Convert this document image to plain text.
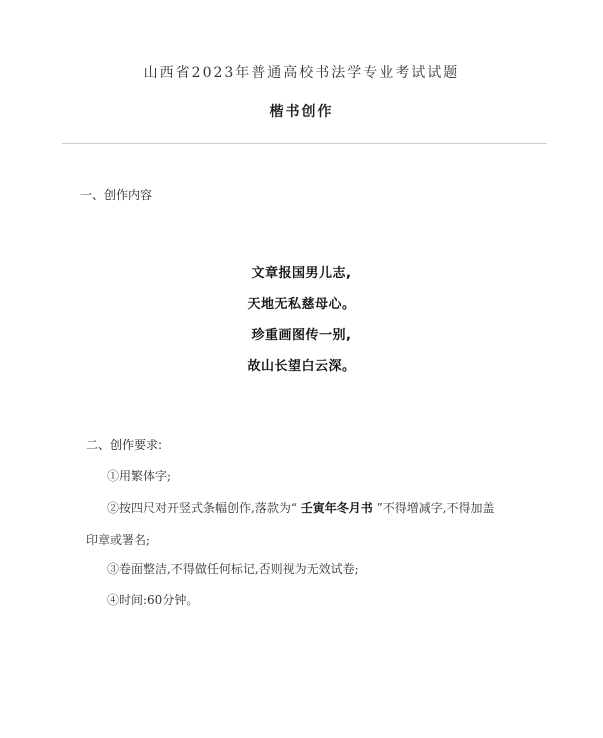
山西省2023年普通高校书法学专业考试试题
楷书创作
一、创作内容
文章报国男儿志,
天地无私慈母心。
珍重画图传一别,
故山长望白云深。
二、创作要求:
①用繁体字;
②按四尺对开竖式条幅创作,落款为“ 壬寅年冬月书 ”不得增减字,不得加盖
印章或署名;
③卷面整洁,不得做任何标记,否则视为无效试卷;
④时间:60分钟。
